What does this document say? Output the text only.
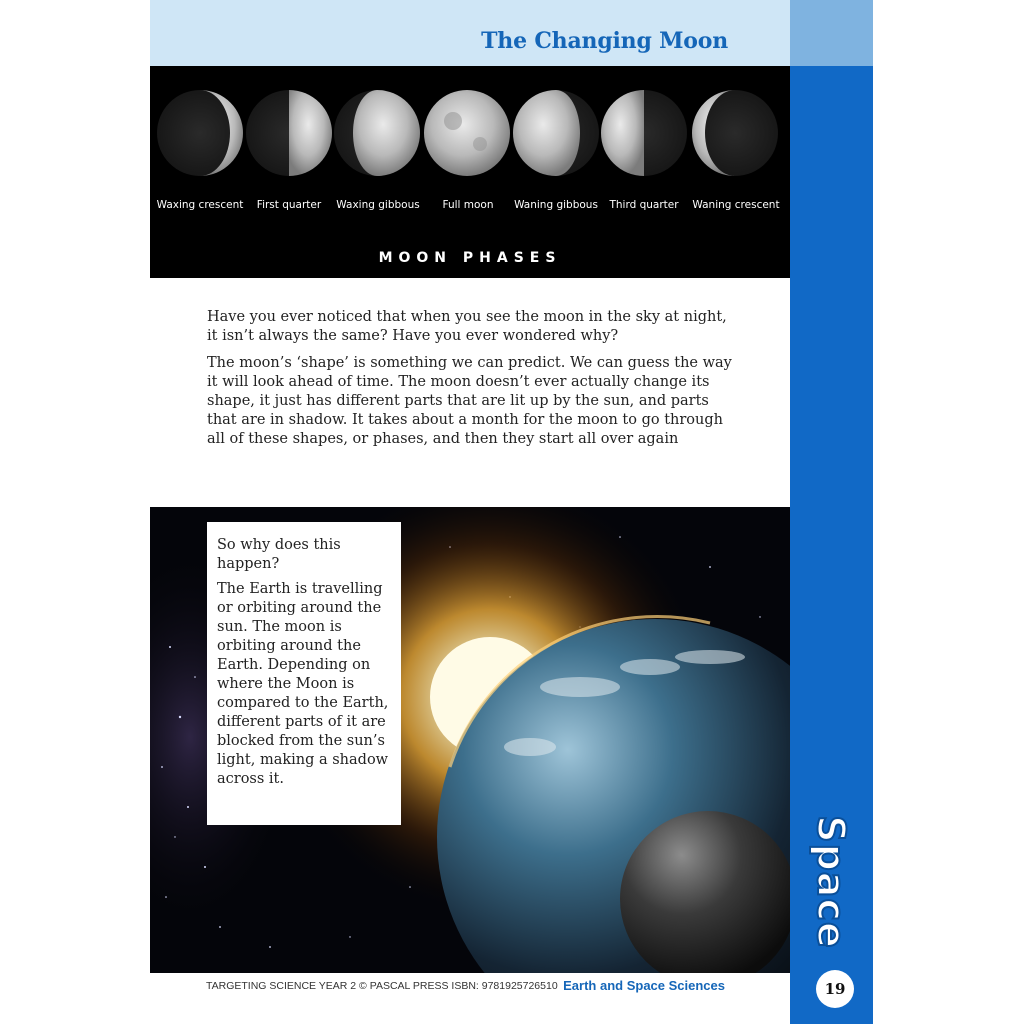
The Changing Moon
Space
19
Waxing crescent	First quarter	Waxing gibbous	Full moon	Waning gibbous	Third quarter	Waning crescent
MOON PHASES

Have you ever noticed that when you see the moon in the sky at night, it isn’t always the same? Have you ever wondered why?

The moon’s ‘shape’ is something we can predict. We can guess the way it will look ahead of time. The moon doesn’t ever actually change its shape, it just has different parts that are lit up by the sun, and parts that are in shadow. It takes about a month for the moon to go through all of these shapes, or phases, and then they start all over again

So why does this happen?

The Earth is travelling or orbiting around the sun. The moon is orbiting around the Earth. Depending on where the Moon is compared to the Earth, different parts of it are blocked from the sun’s light, making a shadow across it.

TARGETING SCIENCE YEAR 2 © PASCAL PRESS ISBN: 9781925726510 Earth and Space Sciences
